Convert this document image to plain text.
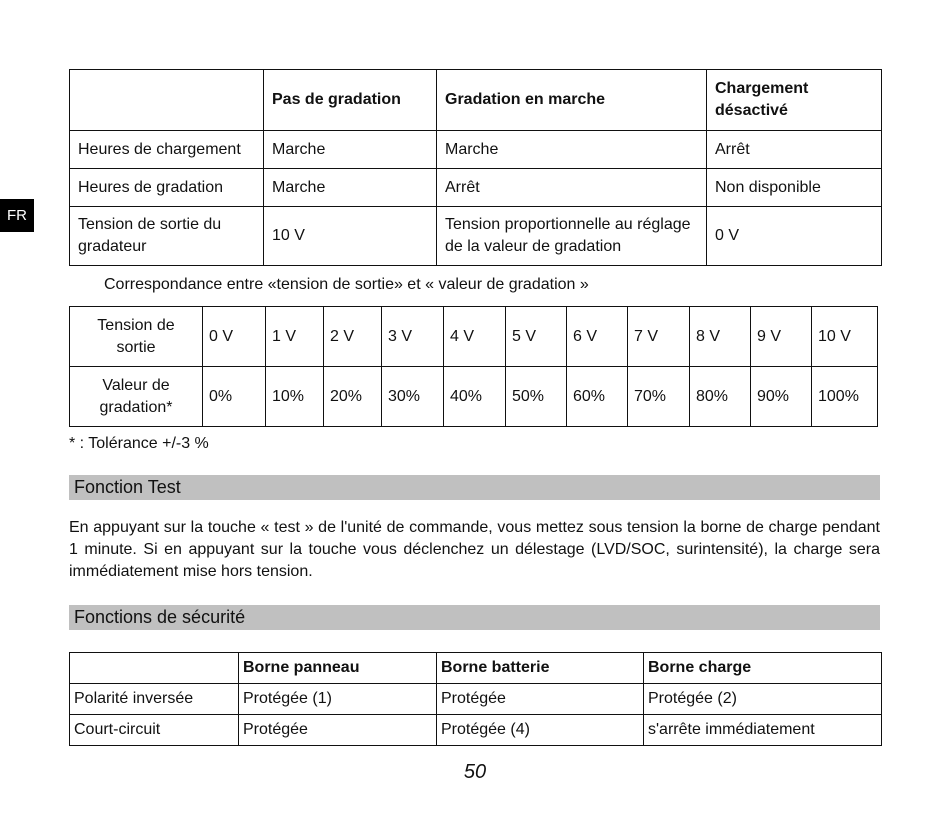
FR
	Pas de gradation	Gradation en marche	Chargement désactivé
Heures de chargement	Marche	Marche	Arrêt
Heures de gradation	Marche	Arrêt	Non disponible
Tension de sortie du gradateur	10 V	Tension proportionnelle au réglage de la valeur de gradation	0 V
Correspondance entre «tension de sortie» et « valeur de gradation »
Tension de sortie	0 V	1 V	2 V	3 V	4 V	5 V	6 V	7 V	8 V	9 V	10 V
Valeur de gradation*	0%	10%	20%	30%	40%	50%	60%	70%	80%	90%	100%
* : Tolérance +/-3 %
Fonction Test
En appuyant sur la touche « test » de l'unité de commande, vous mettez sous tension la borne de charge pendant 1 minute. Si en appuyant sur la touche vous déclenchez un délestage (LVD/SOC, surintensité), la charge sera immédiatement mise hors tension.
Fonctions de sécurité
	Borne panneau	Borne batterie	Borne charge
Polarité inversée	Protégée (1)	Protégée	Protégée (2)
Court-circuit	Protégée	Protégée (4)	s'arrête immédiatement
50
